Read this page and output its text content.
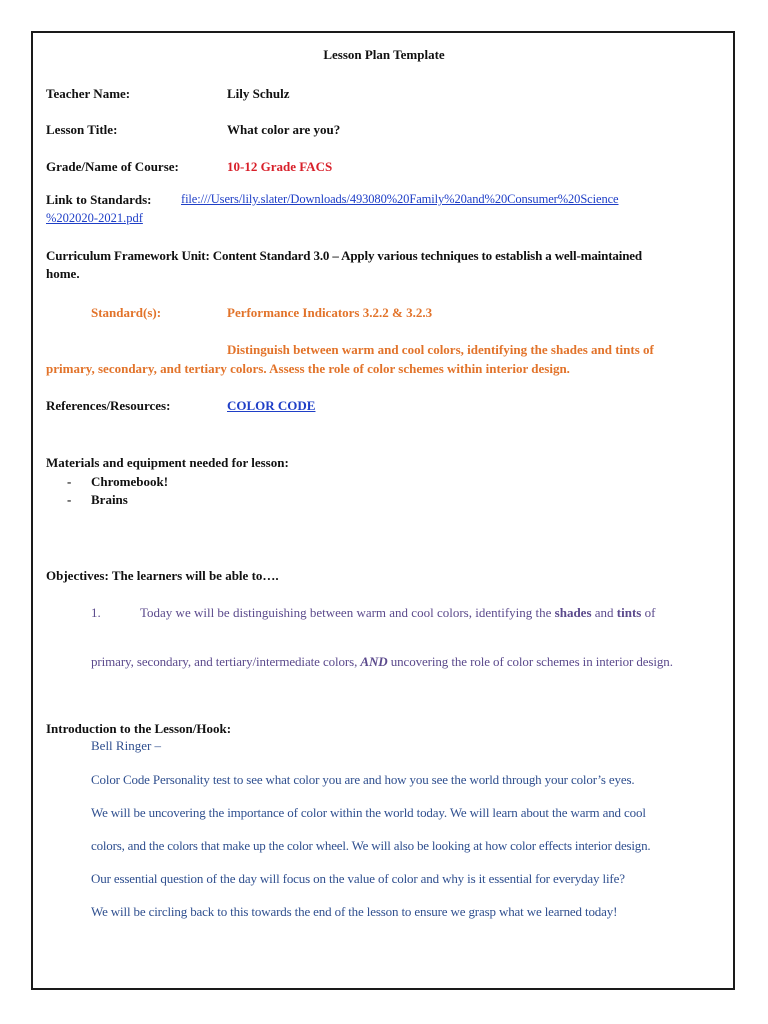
Lesson Plan Template
Teacher Name:	Lily Schulz
Lesson Title:	What color are you?
Grade/Name of Course:	10-12 Grade FACS
Link to Standards: file:///Users/lily.slater/Downloads/493080%20Family%20and%20Consumer%20Science
%202020-2021.pdf
Curriculum Framework Unit: Content Standard 3.0 – Apply various techniques to establish a well-maintained
home.
Standard(s):	Performance Indicators 3.2.2 & 3.2.3
Distinguish between warm and cool colors, identifying the shades and tints of
primary, secondary, and tertiary colors. Assess the role of color schemes within interior design.
References/Resources:	COLOR CODE
Materials and equipment needed for lesson:
- Chromebook!
- Brains
Objectives: The learners will be able to….
1.	Today we will be distinguishing between warm and cool colors, identifying the shades and tints of
primary, secondary, and tertiary/intermediate colors, AND uncovering the role of color schemes in interior design.
Introduction to the Lesson/Hook:
Bell Ringer –
Color Code Personality test to see what color you are and how you see the world through your color’s eyes.
We will be uncovering the importance of color within the world today. We will learn about the warm and cool
colors, and the colors that make up the color wheel. We will also be looking at how color effects interior design.
Our essential question of the day will focus on the value of color and why is it essential for everyday life?
We will be circling back to this towards the end of the lesson to ensure we grasp what we learned today!
